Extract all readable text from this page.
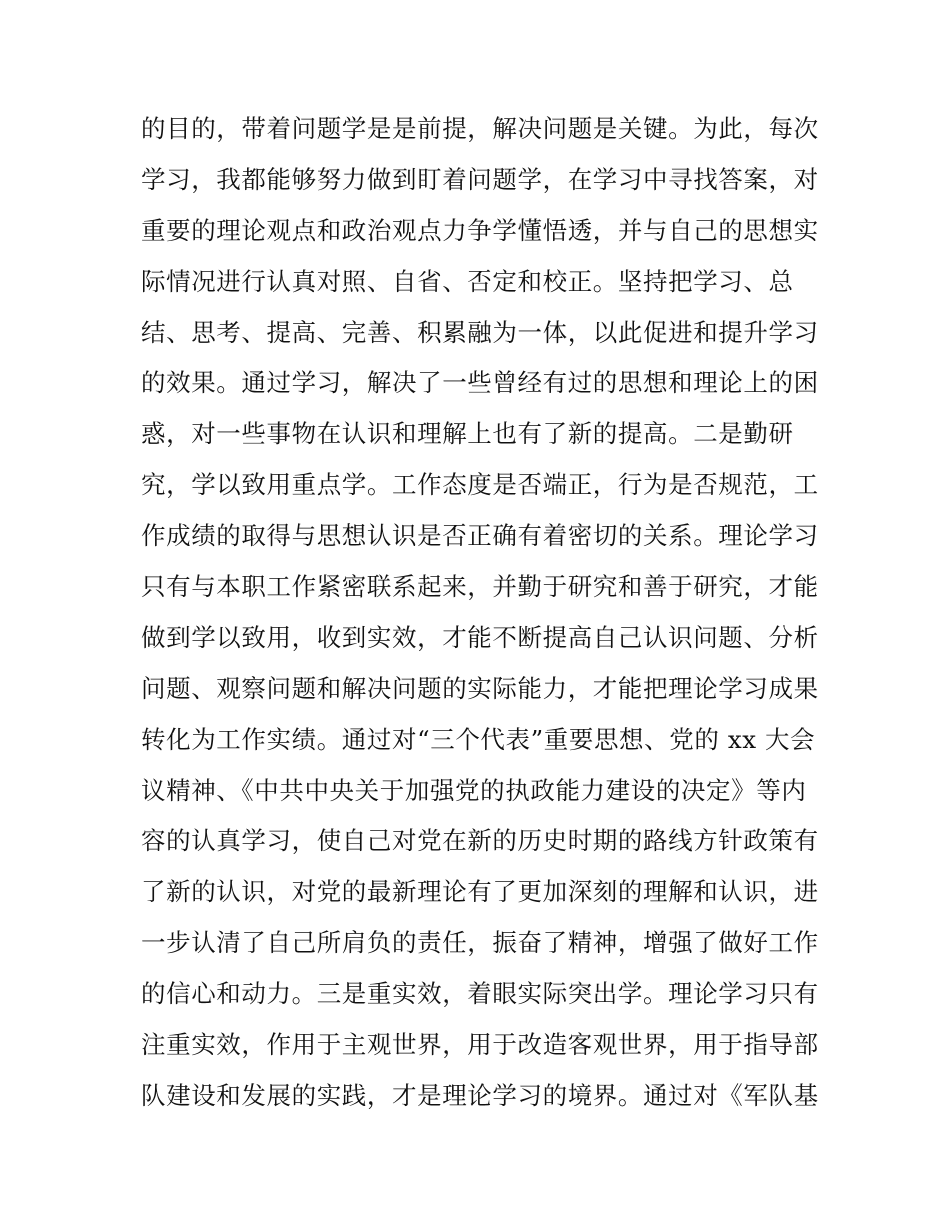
的目的，带着问题学是是前提，解决问题是关键。为此，每次
学习，我都能够努力做到盯着问题学，在学习中寻找答案，对
重要的理论观点和政治观点力争学懂悟透，并与自己的思想实
际情况进行认真对照、自省、否定和校正。坚持把学习、总
结、思考、提高、完善、积累融为一体，以此促进和提升学习
的效果。通过学习，解决了一些曾经有过的思想和理论上的困
惑，对一些事物在认识和理解上也有了新的提高。二是勤研
究，学以致用重点学。工作态度是否端正，行为是否规范，工
作成绩的取得与思想认识是否正确有着密切的关系。理论学习
只有与本职工作紧密联系起来，并勤于研究和善于研究，才能
做到学以致用，收到实效，才能不断提高自己认识问题、分析
问题、观察问题和解决问题的实际能力，才能把理论学习成果
转化为工作实绩。通过对“三个代表”重要思想、党的 xx 大会
议精神、《中共中央关于加强党的执政能力建设的决定》等内
容的认真学习，使自己对党在新的历史时期的路线方针政策有
了新的认识，对党的最新理论有了更加深刻的理解和认识，进
一步认清了自己所肩负的责任，振奋了精神，增强了做好工作
的信心和动力。三是重实效，着眼实际突出学。理论学习只有
注重实效，作用于主观世界，用于改造客观世界，用于指导部
队建设和发展的实践，才是理论学习的境界。通过对《军队基
